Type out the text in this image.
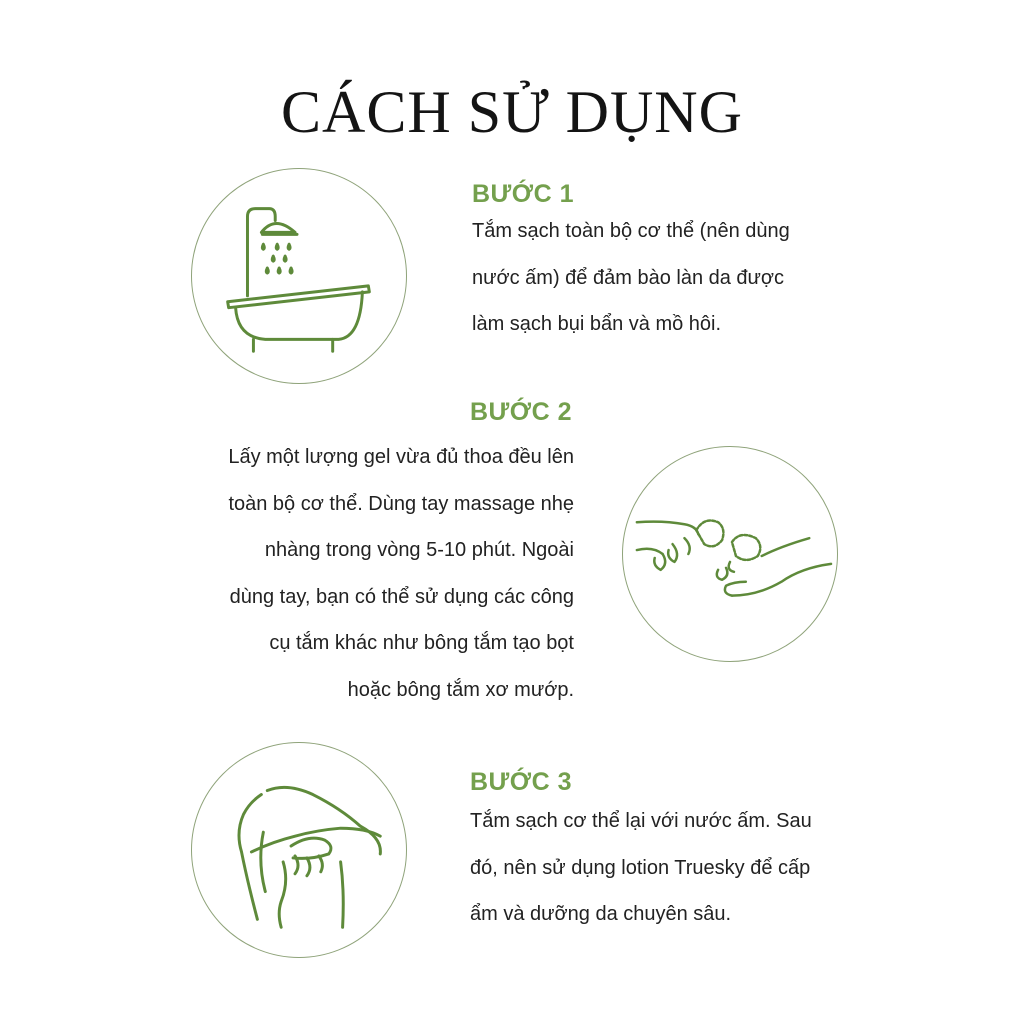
CÁCH SỬ DỤNG
BƯỚC 1

Tắm sạch toàn bộ cơ thể (nên dùng
nước ấm) để đảm bào làn da được
làm sạch bụi bẩn và mồ hôi.

BƯỚC 2

Lấy một lượng gel vừa đủ thoa đều lên
toàn bộ cơ thể. Dùng tay massage nhẹ
nhàng trong vòng 5-10 phút. Ngoài
dùng tay, bạn có thể sử dụng các công
cụ tắm khác như bông tắm tạo bọt
hoặc bông tắm xơ mướp.

BƯỚC 3

Tắm sạch cơ thể lại với nước ấm. Sau
đó, nên sử dụng lotion Truesky để cấp
ẩm và dưỡng da chuyên sâu.
